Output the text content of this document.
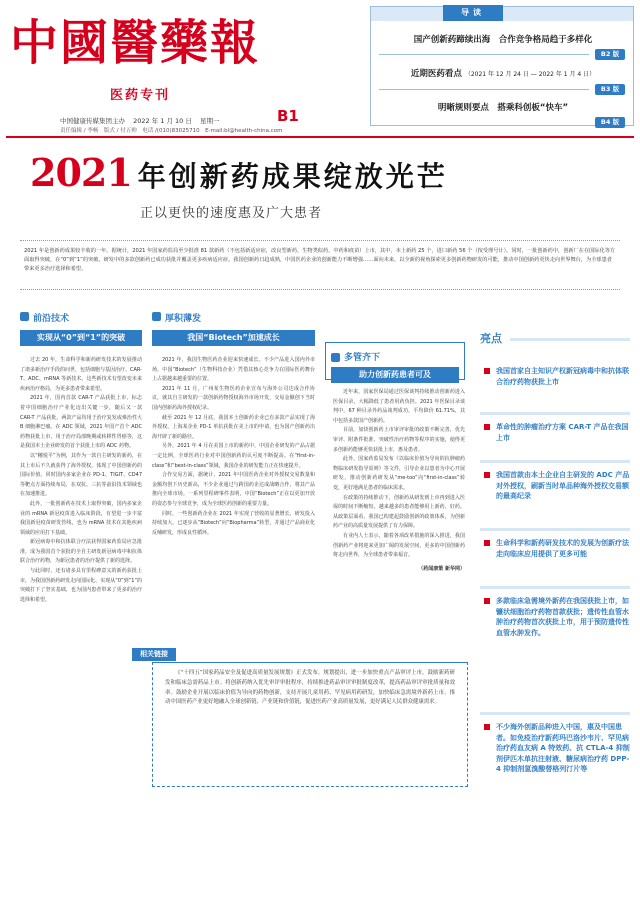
中國醫藥報
医药专刊
B1
中国健康传媒集团主办 2022 年 1 月 10 日 星期一
责任编辑 / 李畅　版式 / 付五帅　电话 /(010)83025710　E-mail:bl@health-china.com
导读
国产创新药蹄续出海　合作竞争格局趋于多样化
B2 版
近期医药看点 （2021 年 12 月 24 日 — 2022 年 1 月 4 日）
B3 版
明晰规则要点　搭乘科创板“快车”
B4 版
2021 年创新药成果绽放光芒
正以更快的速度惠及广大患者
2021 年是创新药成果较丰收的一年。据统计，2021 年国家药监局至少批准 81 款新药（不包括新适应症，改良型新药，生物类似药，中药和疫苗）上市，其中，本土新药 25 个，进口新药 56 个（按受理号计）。同时，一批创新药中，创新厂在在国际化等方面取得突破，在“0”到“1”的突破，研发中的多款创新药已成功获批并覆盖更多疾病适应症。我国创新药日趋成熟，中国医药企业的创新能力不断增强……面向未来，以全新的视角探索更多创新药物研发的可能，推动中国创新药更快走向世界舞台，为全球患者带来更多治疗选择和希望。
前沿技术
实现从“0”到“1”的突破

过去 20 年，生命科学和新药研发技术的发展推动了诸多新治疗手段的问世，包括细胞与基因治疗、CAR-T、ADC、mRNA 等新技术，这些新技术有望改变未来疾病治疗格局，为更多患者带来希望。

2021 年，国内首款 CAR-T 产品获批上市，标志着中国细胞治疗产业化迈出关键一步，随后又一款 CAR-T 产品获批，两款产品均用于治疗复发或难治性大 B 细胞淋巴瘤。在 ADC 领域，2021 年国产首个 ADC 药物获批上市，用于治疗局部晚期或转移性胃癌等，这是我国本土企业研发的首个获批上市的 ADC 药物。

以“穗悦平”为例，其作为一款自主研发的新药，在其上市后不久就获得了海外授权，体现了中国创新药的国际价值。同时国内多家企业在 PD-1、TIGIT、CD47 等靶点方面持续布局，在双抗、三抗等前沿技术领域也在加速推进。

此外，一批创新药在技术上取得突破，国内多家企业的 mRNA 新冠疫苗进入临床阶段，有望进一步丰富我国新冠疫苗研发管线，也为 mRNA 技术在其他疾病领域的应用打下基础。

新冠病毒中和抗体联合疗法获得国家药监局应急批准，成为我国首个获批的全自主研发新冠病毒中和抗体联合治疗药物，为新冠患者的治疗提供了新的选择。

与此同时，还有诸多具有里程碑意义的新药获批上市，为我国创新药研发走向国际化、实现从“0”到“1”的突破打下了坚实基础，也为国内患者带来了更多的治疗选择和希望。

厚积薄发
我国“Biotech”加速成长

2021 年，我国生物医药企业迎来快速成长。不少产品进入国内外市场，中国“Biotech”（生物科技企业）凭借其核心竞争力在国际医药舞台上占据越来越重要的位置。

2021 年 11 月，广州某生物医药企业宣布与海外公司达成合作协议，就其自主研发的一款创新药物授权海外市场开发，交易金额创下当时国内创新药海外授权纪录。

截至 2021 年 12 月底，我国本土创新药企业已有多款产品实现了海外授权，上海某企业 PD-1 单抗获批在美上市的申请，也为国产创新药出海开辟了新的路径。

另外，2021 年 4 月在美国上市的新药中，中国企业研发的产品占据一定比例，全球医药行业对中国创新药的认可度不断提高。在“first-in-class”和“best-in-class”领域，我国企业的研发能力正在快速提升。

合作交易方面，据统计，2021 年中国医药企业对外授权交易数量和金额均创下历史新高，不少企业通过与跨国药企达成战略合作，将其产品推向全球市场。一系列里程碑事件表明，中国“Biotech”正在以更加开放的姿态参与全球竞争，成为全球医药创新的重要力量。

同时，一些创新药企业在 2021 年实现了营收的显著增长，研发投入持续加大，已逐步从“Biotech”向“Biopharma”转型，并通过产品商业化反哺研发，形成良性循环。

多管齐下
助力创新药患者可及

近年来，国家医保局通过医保谈判持续推动创新药进入医保目录，大幅降低了患者用药负担。2021 年医保目录谈判中，67 种目录外药品谈判成功，平均降价 61.71%，其中包括多款国产创新药。

目前，加快创新药上市审评审批的政策不断完善，优先审评、附条件批准、突破性治疗药物等程序的实施，使得更多创新药能够更快获批上市，惠及患者。

此外，国家药监局发布《以临床价值为导向的抗肿瘤药物临床研发指导原则》等文件，引导企业以患者为中心开展研发，推动创新药研发从“me-too”向“first-in-class”转变，更好地满足患者的临床需求。

在政策的持续推动下，创新药从研发到上市再到进入医保的时间不断缩短，越来越多的患者能够用上新药、好药。从政策层面看，我国已构建起鼓励创新的政策体系，为创新药产业的高质量发展提供了有力保障。

有业内人士表示，随着各项改革措施的深入推进，我国创新药产业将迎来更加广阔的发展空间，更多的中国创新药将走向世界，为全球患者带来福音。

（药闻康策 新华网）
《“十四五”国家药品安全及促进高质量发展规划》正式发布。规划提出，进一步加快重点产品审评上市，鼓励新药研发和临床急需药品上市。将创新药纳入优先审评审批程序，持续推进药品审评审批制度改革，提高药品审评审批质量和效率。鼓励企业开展以临床价值为导向的药物创新，支持开展儿童用药、罕见病用药研发，加快临床急需境外新药上市。推动中国医药产业更好地融入全球创新链、产业链和价值链，促进医药产业高质量发展，更好满足人民群众健康需求。
相关链接
亮点
我国首家自主知识产权新冠病毒中和抗体联合治疗药物获批上市
革命性的肿瘤治疗方案 CAR-T 产品在我国上市
我国首款由本土企业自主研发的 ADC 产品对外授权，刷新当时单品种海外授权交易额的最高纪录
生命科学和新药研发技术的发展为创新疗法走向临床应用提供了更多可能
多款临床急需境外新药在我国获批上市，如镰状细胞治疗药物首款获批；遗传性血管水肿治疗药物首次获批上市，用于预防遗传性血管水肿发作。
不少海外创新品种进入中国，惠及中国患者。如免疫治疗新药玛巴洛沙韦片、罕见病治疗药血友病 A 特效药、抗 CTLA-4 抑制剂伊匹木单抗注射液、糖尿病治疗药 DPP-4 抑制剂氢溴酸替格列汀片等
